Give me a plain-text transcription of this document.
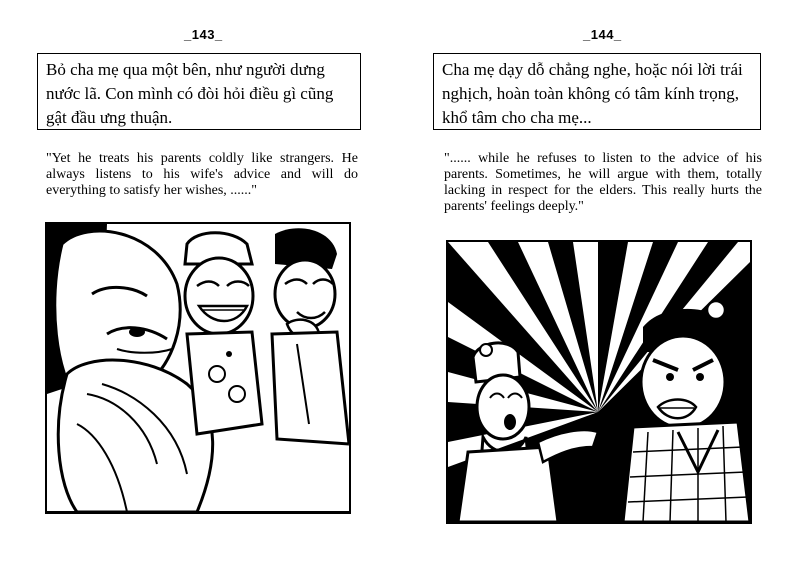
_143_
Bỏ cha mẹ qua một bên, như người dưng nước lã. Con mình có đòi hỏi điều gì cũng gật đầu ưng thuận.
"Yet he treats his parents coldly like strangers. He always listens to his wife's advice and will do everything to satisfy her wishes, ......"
_144_
Cha mẹ dạy dỗ chẳng nghe, hoặc nói lời trái nghịch, hoàn toàn không có tâm kính trọng, khổ tâm cho cha mẹ...
"...... while he refuses to listen to the advice of his parents. Sometimes, he will argue with them, totally lacking in respect for the elders. This really hurts the parents' feelings deeply."
